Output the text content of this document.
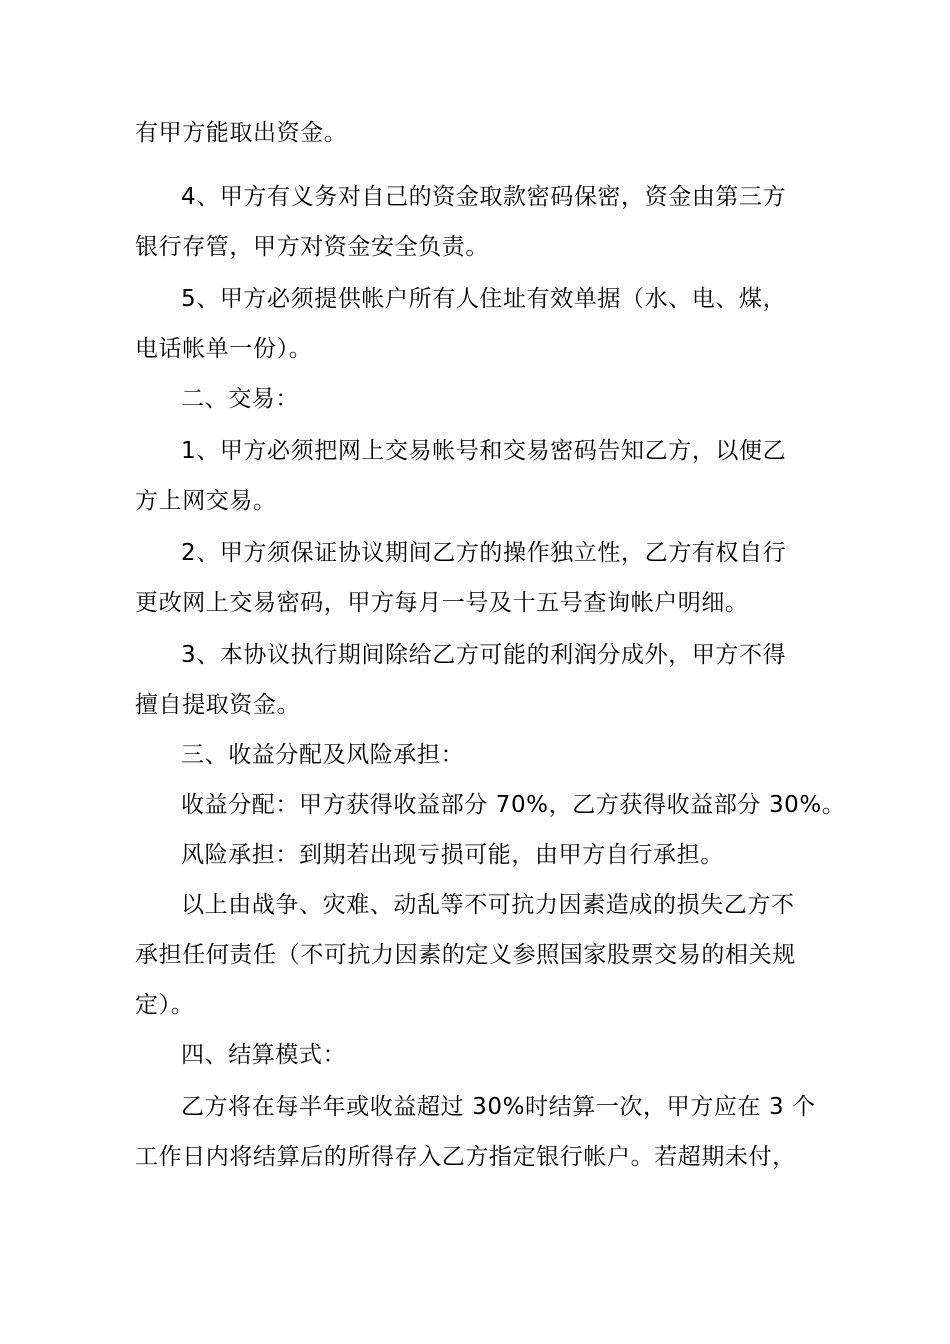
有甲方能取出资金。
4、甲方有义务对自己的资金取款密码保密，资金由第三方
银行存管，甲方对资金安全负责。
5、甲方必须提供帐户所有人住址有效单据（水、电、煤，
电话帐单一份）。
二、交易：
1、甲方必须把网上交易帐号和交易密码告知乙方，以便乙
方上网交易。
2、甲方须保证协议期间乙方的操作独立性，乙方有权自行
更改网上交易密码，甲方每月一号及十五号查询帐户明细。
3、本协议执行期间除给乙方可能的利润分成外，甲方不得
擅自提取资金。
三、收益分配及风险承担：
收益分配：甲方获得收益部分 70%，乙方获得收益部分 30%。
风险承担：到期若出现亏损可能，由甲方自行承担。
以上由战争、灾难、动乱等不可抗力因素造成的损失乙方不
承担任何责任（不可抗力因素的定义参照国家股票交易的相关规
定）。
四、结算模式：
乙方将在每半年或收益超过 30%时结算一次，甲方应在 3 个
工作日内将结算后的所得存入乙方指定银行帐户。若超期未付，
